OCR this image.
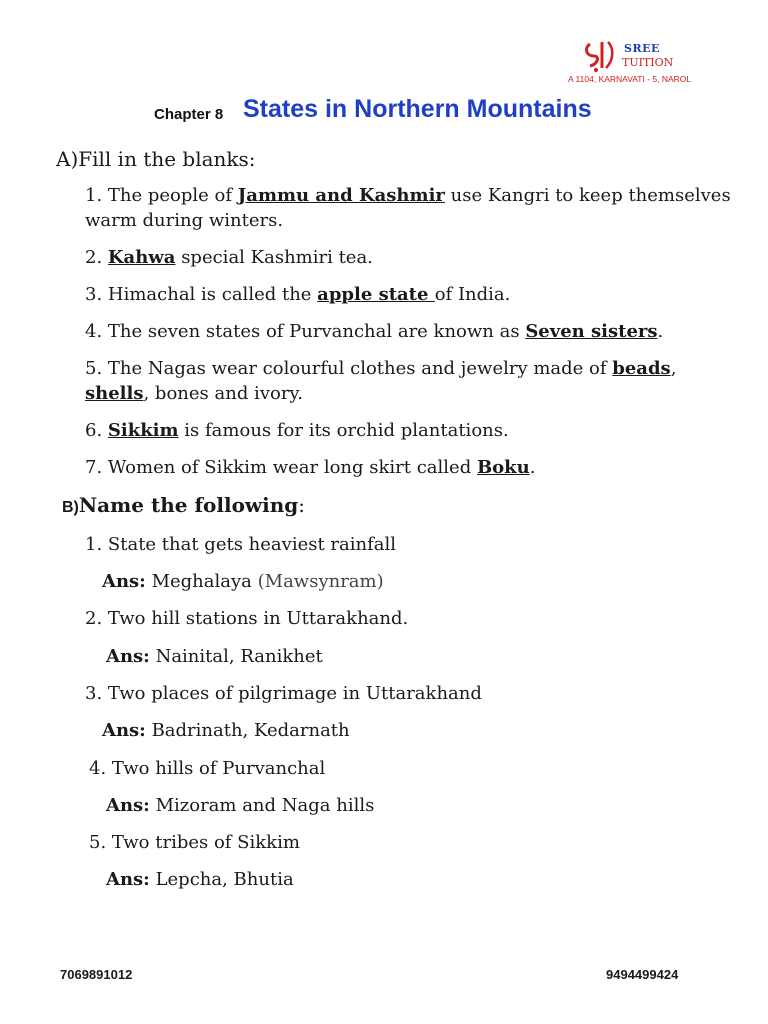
SREE
TUITION
A 1104, KARNAVATI - 5, NAROL
Chapter 8 States in Northern Mountains
A)Fill in the blanks:
1. The people of Jammu and Kashmir use Kangri to keep themselves
warm during winters.
2. Kahwa special Kashmiri tea.
3. Himachal is called the apple state of India.
4. The seven states of Purvanchal are known as Seven sisters.
5. The Nagas wear colourful clothes and jewelry made of beads,
shells, bones and ivory.
6. Sikkim is famous for its orchid plantations.
7. Women of Sikkim wear long skirt called Boku.
B)Name the following:
1. State that gets heaviest rainfall
Ans: Meghalaya (Mawsynram)
2. Two hill stations in Uttarakhand.
Ans: Nainital, Ranikhet
3. Two places of pilgrimage in Uttarakhand
Ans: Badrinath, Kedarnath
4. Two hills of Purvanchal
Ans: Mizoram and Naga hills
5. Two tribes of Sikkim
Ans: Lepcha, Bhutia
7069891012	9494499424
